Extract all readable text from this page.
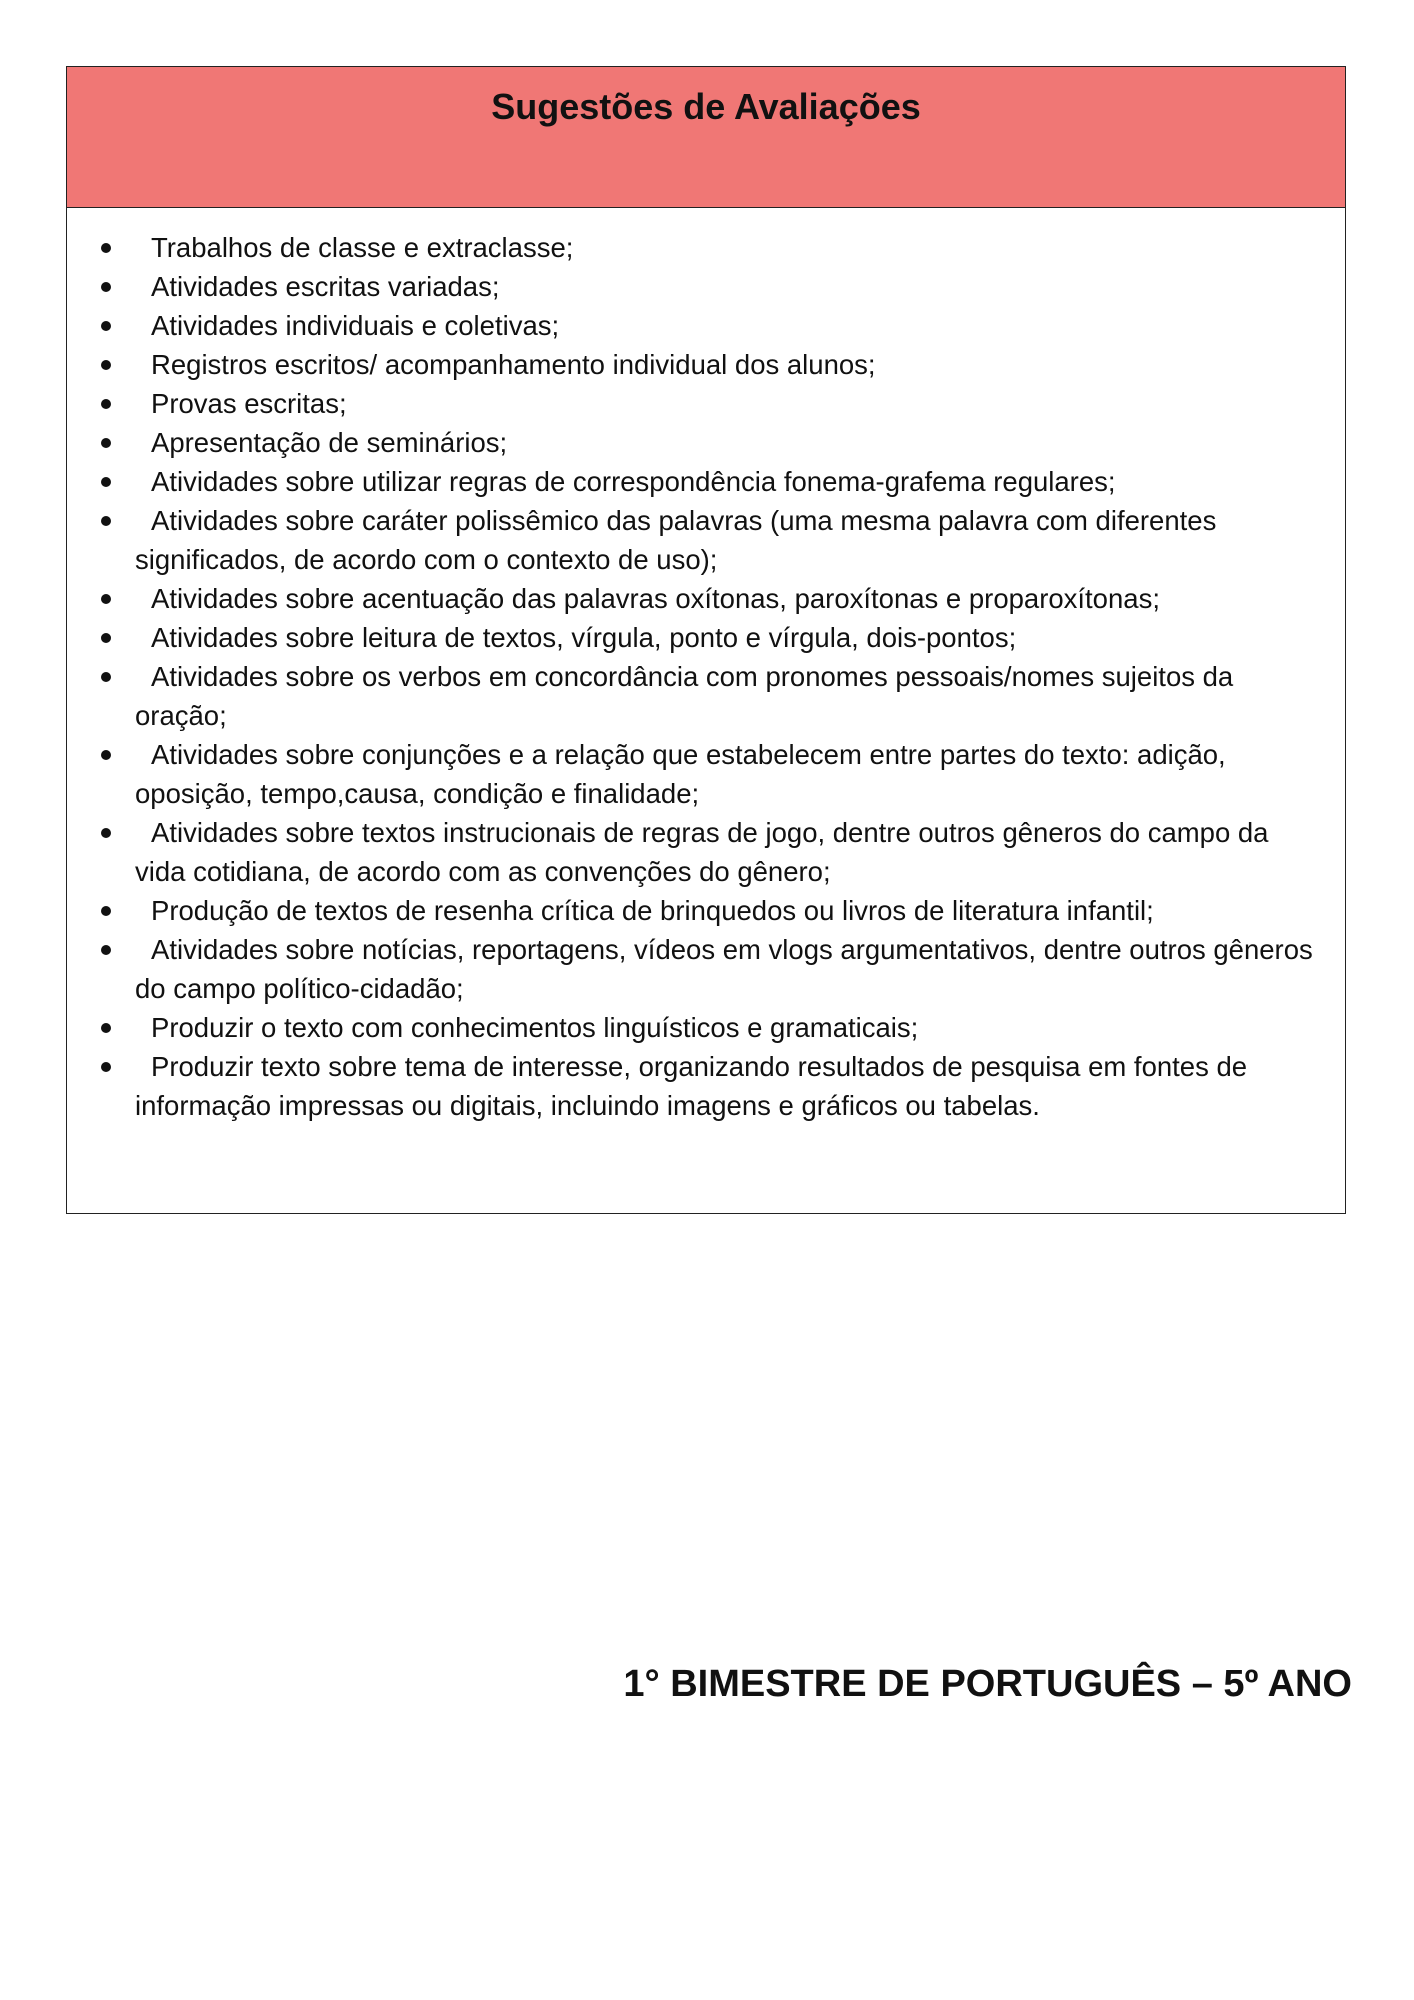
Sugestões de Avaliações
Trabalhos de classe e extraclasse;
Atividades escritas variadas;
Atividades individuais e coletivas;
Registros escritos/ acompanhamento individual dos alunos;
Provas escritas;
Apresentação de seminários;
Atividades sobre utilizar regras de correspondência fonema-grafema regulares;
Atividades sobre caráter polissêmico das palavras (uma mesma palavra com diferentes significados, de acordo com o contexto de uso);
Atividades sobre acentuação das palavras oxítonas, paroxítonas e proparoxítonas;
Atividades sobre leitura de textos, vírgula, ponto e vírgula, dois-pontos;
Atividades sobre os verbos em concordância com pronomes pessoais/nomes sujeitos da oração;
Atividades sobre conjunções e a relação que estabelecem entre partes do texto: adição, oposição, tempo,causa, condição e finalidade;
Atividades sobre textos instrucionais de regras de jogo, dentre outros gêneros do campo da vida cotidiana, de acordo com as convenções do gênero;
Produção de textos de resenha crítica de brinquedos ou livros de literatura infantil;
Atividades sobre notícias, reportagens, vídeos em vlogs argumentativos, dentre outros gêneros do campo político-cidadão;
Produzir o texto com conhecimentos linguísticos e gramaticais;
Produzir texto sobre tema de interesse, organizando resultados de pesquisa em fontes de informação impressas ou digitais, incluindo imagens e gráficos ou tabelas.
1° BIMESTRE DE PORTUGUÊS – 5º ANO
